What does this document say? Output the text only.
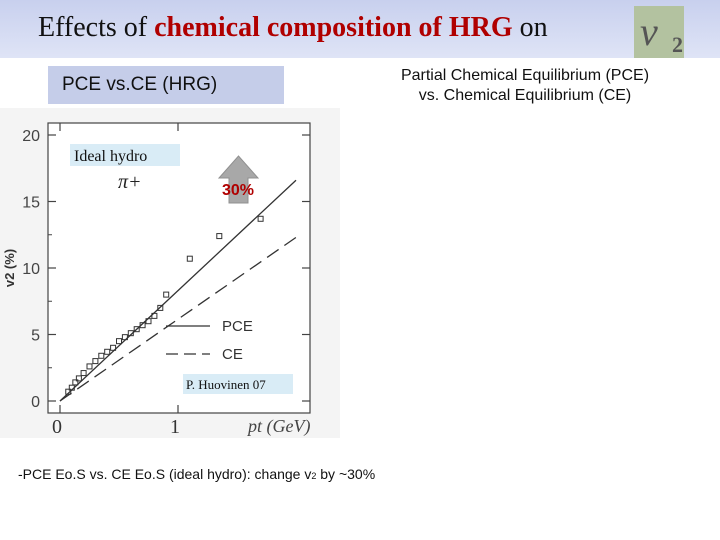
Effects of chemical composition of HRG on v 2
PCE vs.CE (HRG)	Partial Chemical Equilibrium (PCE)
vs. Chemical Equilibrium (CE)
0
5
10
15
20
0	1
v2 (%)
π+
PCE
CE
Ideal hydro
30%
P. Huovinen 07
pt (GeV)
-PCE Eo.S vs. CE Eo.S (ideal hydro): change v2 by ~30%
